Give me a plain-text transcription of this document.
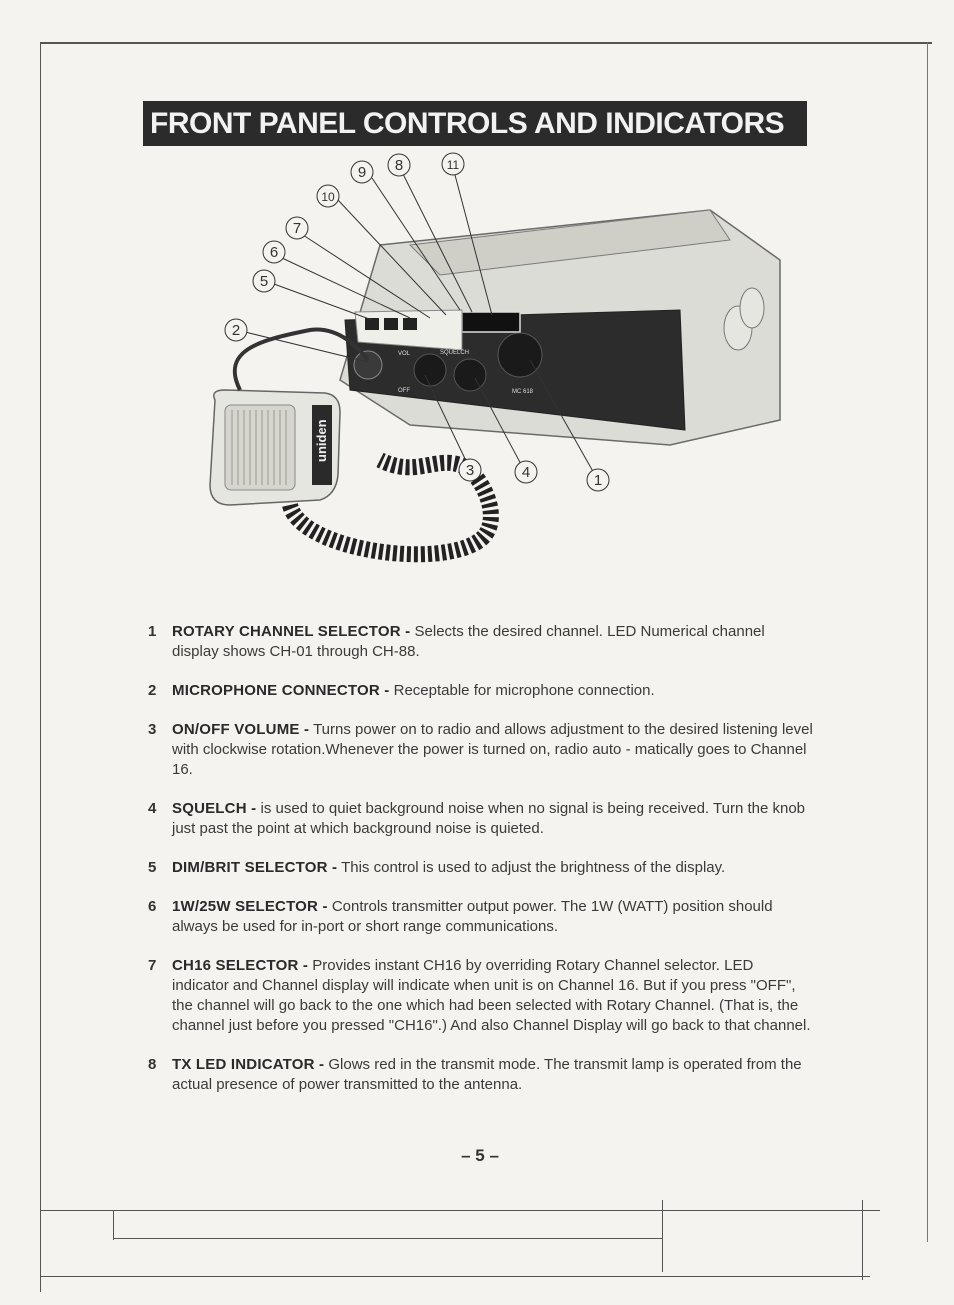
FRONT PANEL CONTROLS AND INDICATORS
VOL	SQUELCH
OFF	MC 618
uniden
9 8	11
10
7
6
5
2
3	4	1
1	ROTARY CHANNEL SELECTOR - Selects the desired channel. LED Numerical channel display shows CH-01 through CH-88.
2	MICROPHONE CONNECTOR - Receptable for microphone connection.
3	ON/OFF VOLUME - Turns power on to radio and allows adjustment to the desired listening level with clockwise rotation.Whenever the power is turned on, radio auto - matically goes to Channel 16.
4	SQUELCH - is used to quiet background noise when no signal is being received. Turn the knob just past the point at which background noise is quieted.
5	DIM/BRIT SELECTOR - This control is used to adjust the brightness of the display.
6	1W/25W SELECTOR - Controls transmitter output power. The 1W (WATT) position should always be used for in-port or short range communications.
7	CH16 SELECTOR - Provides instant CH16 by overriding Rotary Channel selector. LED indicator and Channel display will indicate when unit is on Channel 16. But if you press "OFF", the channel will go back to the one which had been selected with Rotary Channel. (That is, the channel just before you pressed "CH16".) And also Channel Display will go back to that channel.
8	TX LED INDICATOR - Glows red in the transmit mode. The transmit lamp is operated from the actual presence of power transmitted to the antenna.
– 5 –
